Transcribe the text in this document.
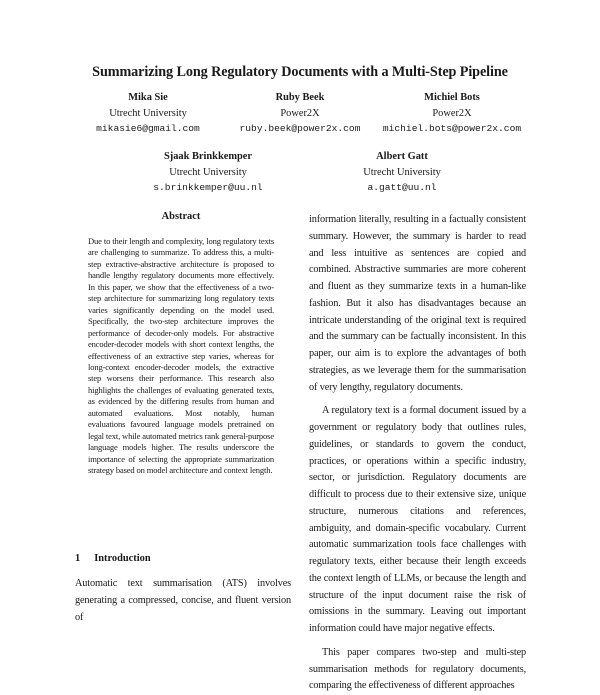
Summarizing Long Regulatory Documents with a Multi-Step Pipeline
Mika Sie
Utrecht University
mikasie6@gmail.com
Ruby Beek
Power2X
ruby.beek@power2x.com
Michiel Bots
Power2X
michiel.bots@power2x.com
Sjaak Brinkkemper
Utrecht University
s.brinkkemper@uu.nl
Albert Gatt
Utrecht University
a.gatt@uu.nl
Abstract
Due to their length and complexity, long regulatory texts are challenging to summarize. To address this, a multi-step extractive-abstractive architecture is proposed to handle lengthy regulatory documents more effectively. In this paper, we show that the effectiveness of a two-step architecture for summarizing long regulatory texts varies significantly depending on the model used. Specifically, the two-step architecture improves the performance of decoder-only models. For abstractive encoder-decoder models with short context lengths, the effectiveness of an extractive step varies, whereas for long-context encoder-decoder models, the extractive step worsens their performance. This research also highlights the challenges of evaluating generated texts, as evidenced by the differing results from human and automated evaluations. Most notably, human evaluations favoured language models pretrained on legal text, while automated metrics rank general-purpose language models higher. The results underscore the importance of selecting the appropriate summarization strategy based on model architecture and context length.
1 Introduction
Automatic text summarisation (ATS) involves generating a compressed, concise, and fluent version of

information literally, resulting in a factually consistent summary. However, the summary is harder to read and less intuitive as sentences are copied and combined. Abstractive summaries are more coherent and fluent as they summarize texts in a human-like fashion. But it also has disadvantages because an intricate understanding of the original text is required and the summary can be factually inconsistent. In this paper, our aim is to explore the advantages of both strategies, as we leverage them for the summarisation of very lengthy, regulatory documents.

A regulatory text is a formal document issued by a government or regulatory body that outlines rules, guidelines, or standards to govern the conduct, practices, or operations within a specific industry, sector, or jurisdiction. Regulatory documents are difficult to process due to their extensive size, unique structure, numerous citations and references, ambiguity, and domain-specific vocabulary. Current automatic summarization tools face challenges with regulatory texts, either because their length exceeds the context length of LLMs, or because the length and structure of the input document raise the risk of omissions in the summary. Leaving out important information could have major negative effects.

This paper compares two-step and multi-step summarisation methods for regulatory documents, comparing the effectiveness of different approaches
